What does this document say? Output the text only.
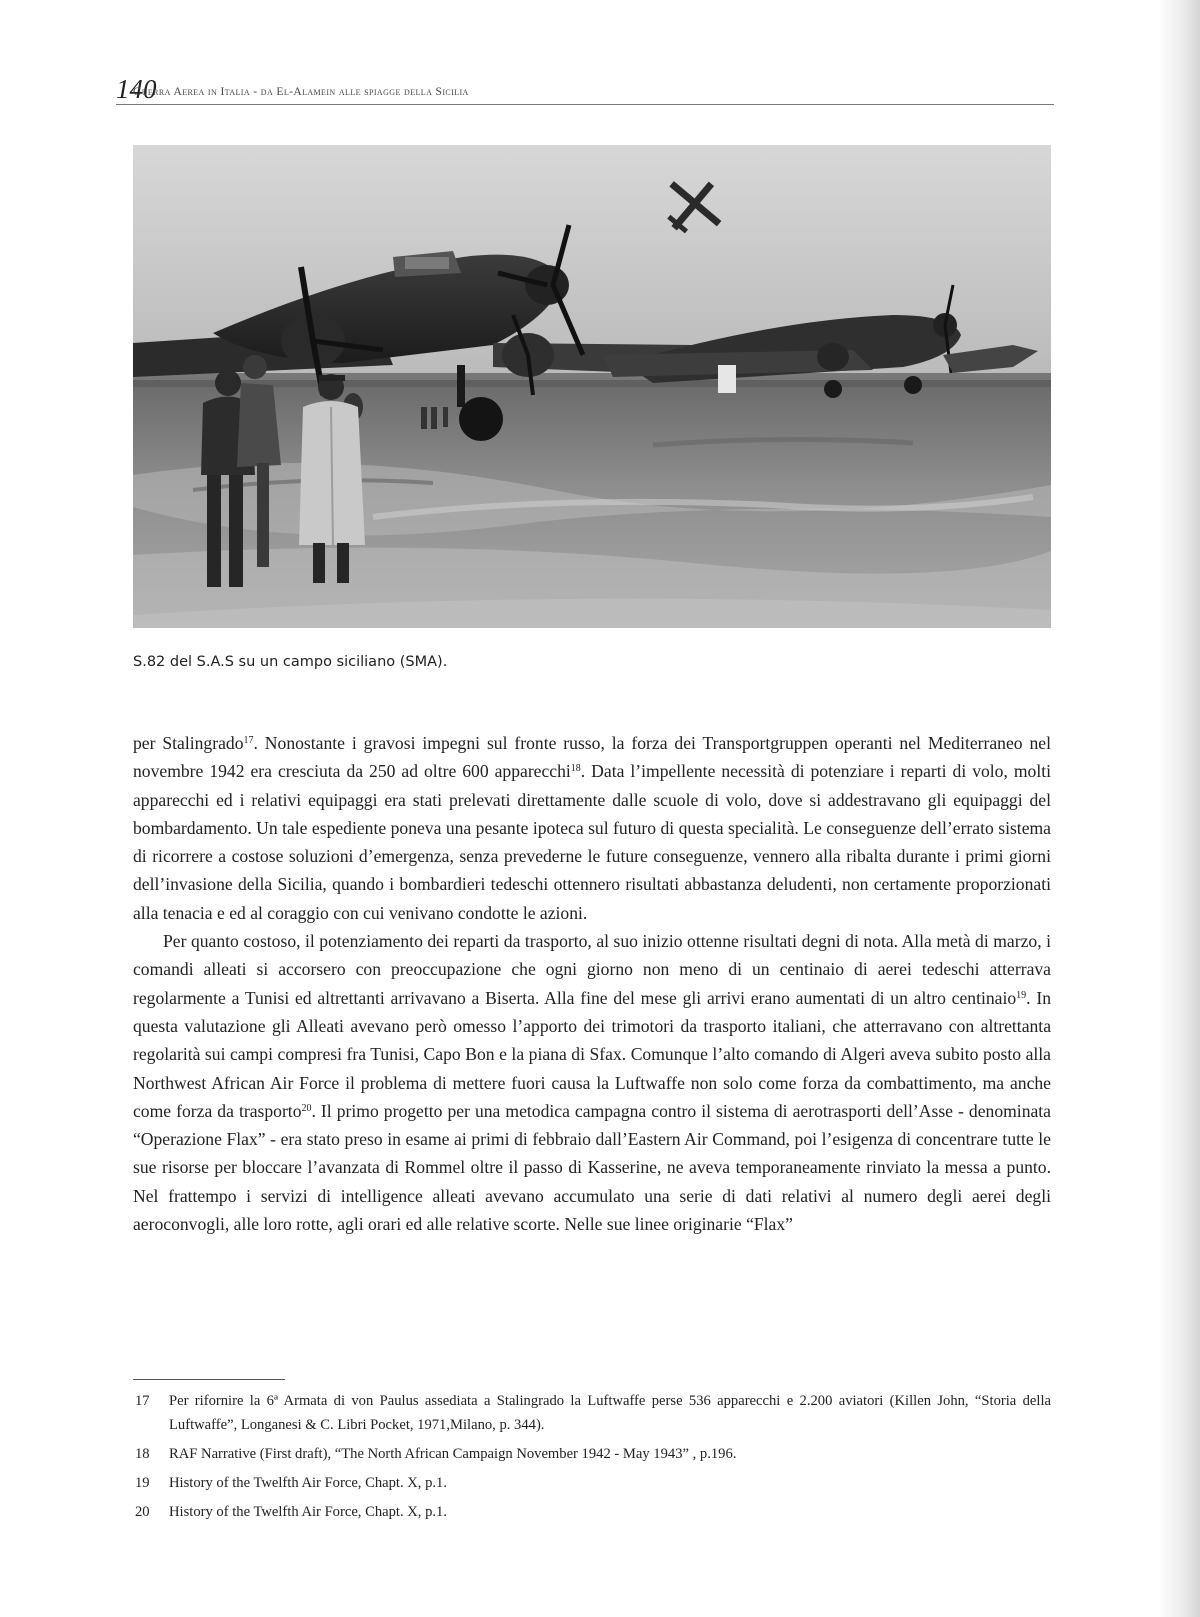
140
Guerra Aerea in Italia - da El-Alamein alle spiagge della Sicilia
S.82 del S.A.S su un campo siciliano (SMA).

per Stalingrado$^{17}$. Nonostante i gravosi impegni sul fronte russo, la forza dei Transportgruppen operanti nel Mediterraneo nel novembre 1942 era cresciuta da 250 ad oltre 600 apparecchi$^{18}$. Data l’impellente necessità di potenziare i reparti di volo, molti apparecchi ed i relativi equipaggi era stati prelevati direttamente dalle scuole di volo, dove si addestravano gli equipaggi del bombardamento. Un tale espediente poneva una pesante ipoteca sul futuro di questa specialità. Le conseguenze dell’errato sistema di ricorrere a costose soluzioni d’emergenza, senza prevederne le future conseguenze, vennero alla ribalta durante i primi giorni dell’invasione della Sicilia, quando i bombardieri tedeschi ottennero risultati abbastanza deludenti, non certamente proporzionati alla tenacia e ed al coraggio con cui venivano condotte le azioni.

Per quanto costoso, il potenziamento dei reparti da trasporto, al suo inizio ottenne risultati degni di nota. Alla metà di marzo, i comandi alleati si accorsero con preoccupazione che ogni giorno non meno di un centinaio di aerei tedeschi atterrava regolarmente a Tunisi ed altrettanti arrivavano a Biserta. Alla fine del mese gli arrivi erano aumentati di un altro centinaio$^{19}$. In questa valutazione gli Alleati avevano però omesso l’apporto dei trimotori da trasporto italiani, che atterravano con altrettanta regolarità sui campi compresi fra Tunisi, Capo Bon e la piana di Sfax. Comunque l’alto comando di Algeri aveva subito posto alla Northwest African Air Force il problema di mettere fuori causa la Luftwaffe non solo come forza da combattimento, ma anche come forza da trasporto$^{20}$. Il primo progetto per una metodica campagna contro il sistema di aerotrasporti dell’Asse - denominata “Operazione Flax” - era stato preso in esame ai primi di febbraio dall’Eastern Air Command, poi l’esigenza di concentrare tutte le sue risorse per bloccare l’avanzata di Rommel oltre il passo di Kasserine, ne aveva temporaneamente rinviato la messa a punto. Nel frattempo i servizi di intelligence alleati avevano accumulato una serie di dati relativi al numero degli aerei degli aeroconvogli, alle loro rotte, agli orari ed alle relative scorte. Nelle sue linee originarie “Flax”

17 Per rifornire la 6ª Armata di von Paulus assediata a Stalingrado la Luftwaffe perse 536 apparecchi e 2.200 aviatori (Killen John, “Storia della Luftwaffe”, Longanesi & C. Libri Pocket, 1971,Milano, p. 344).
18 RAF Narrative (First draft), “The North African Campaign November 1942 - May 1943” , p.196.
19 History of the Twelfth Air Force, Chapt. X, p.1.
20 History of the Twelfth Air Force, Chapt. X, p.1.
